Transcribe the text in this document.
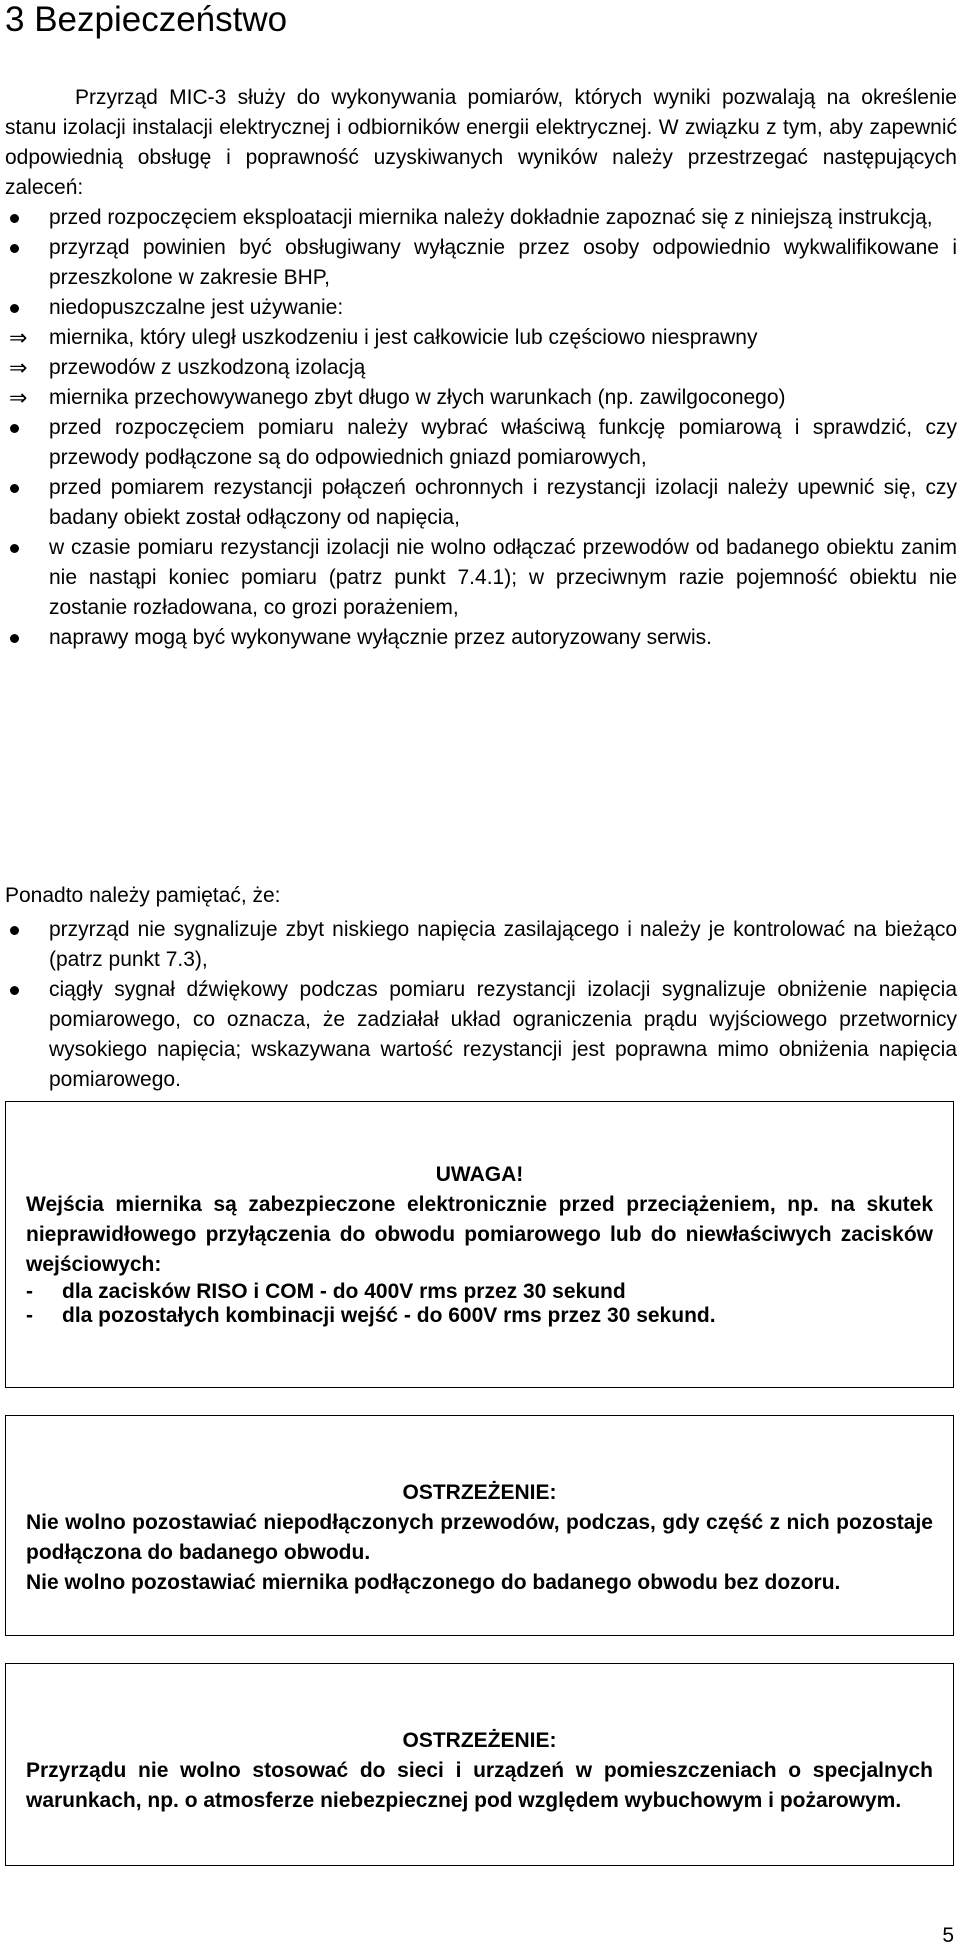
3 Bezpieczeństwo

Przyrząd MIC-3 służy do wykonywania pomiarów, których wyniki pozwalają na określenie stanu izolacji instalacji elektrycznej i odbiorników energii elektrycznej. W związku z tym, aby zapewnić odpowiednią obsługę i poprawność uzyskiwanych wyników należy przestrzegać następujących zaleceń:

przed rozpoczęciem eksploatacji miernika należy dokładnie zapoznać się z niniejszą instrukcją,
przyrząd powinien być obsługiwany wyłącznie przez osoby odpowiednio wykwalifikowane i przeszkolone w zakresie BHP,
niedopuszczalne jest używanie:
⇒	miernika, który uległ uszkodzeniu i jest całkowicie lub częściowo niesprawny
⇒	przewodów z uszkodzoną izolacją
⇒	miernika przechowywanego zbyt długo w złych warunkach (np. zawilgoconego)
przed rozpoczęciem pomiaru należy wybrać właściwą funkcję pomiarową i sprawdzić, czy przewody podłączone są do odpowiednich gniazd pomiarowych,
przed pomiarem rezystancji połączeń ochronnych i rezystancji izolacji należy upewnić się, czy badany obiekt został odłączony od napięcia,
w czasie pomiaru rezystancji izolacji nie wolno odłączać przewodów od badanego obiektu zanim nie nastąpi koniec pomiaru (patrz punkt 7.4.1); w przeciwnym razie pojemność obiektu nie zostanie rozładowana, co grozi porażeniem,
naprawy mogą być wykonywane wyłącznie przez autoryzowany serwis.

Ponadto należy pamiętać, że:

przyrząd nie sygnalizuje zbyt niskiego napięcia zasilającego i należy je kontrolować na bieżąco (patrz punkt 7.3),
ciągły sygnał dźwiękowy podczas pomiaru rezystancji izolacji sygnalizuje obniżenie napięcia pomiarowego, co oznacza, że zadziałał układ ograniczenia prądu wyjściowego przetwornicy wysokiego napięcia; wskazywana wartość rezystancji jest poprawna mimo obniżenia napięcia pomiarowego.

UWAGA!

Wejścia miernika są zabezpieczone elektronicznie przed przeciążeniem, np. na skutek nieprawidłowego przyłączenia do obwodu pomiarowego lub do niewłaściwych zacisków wejściowych:

-	dla zacisków RISO i COM - do 400V rms przez 30 sekund
-	dla pozostałych kombinacji wejść - do 600V rms przez 30 sekund.

OSTRZEŻENIE:

Nie wolno pozostawiać niepodłączonych przewodów, podczas, gdy część z nich pozostaje podłączona do badanego obwodu.

Nie wolno pozostawiać miernika podłączonego do badanego obwodu bez dozoru.

OSTRZEŻENIE:

Przyrządu nie wolno stosować do sieci i urządzeń w pomieszczeniach o specjalnych warunkach, np. o atmosferze niebezpiecznej pod względem wybuchowym i pożarowym.

5
